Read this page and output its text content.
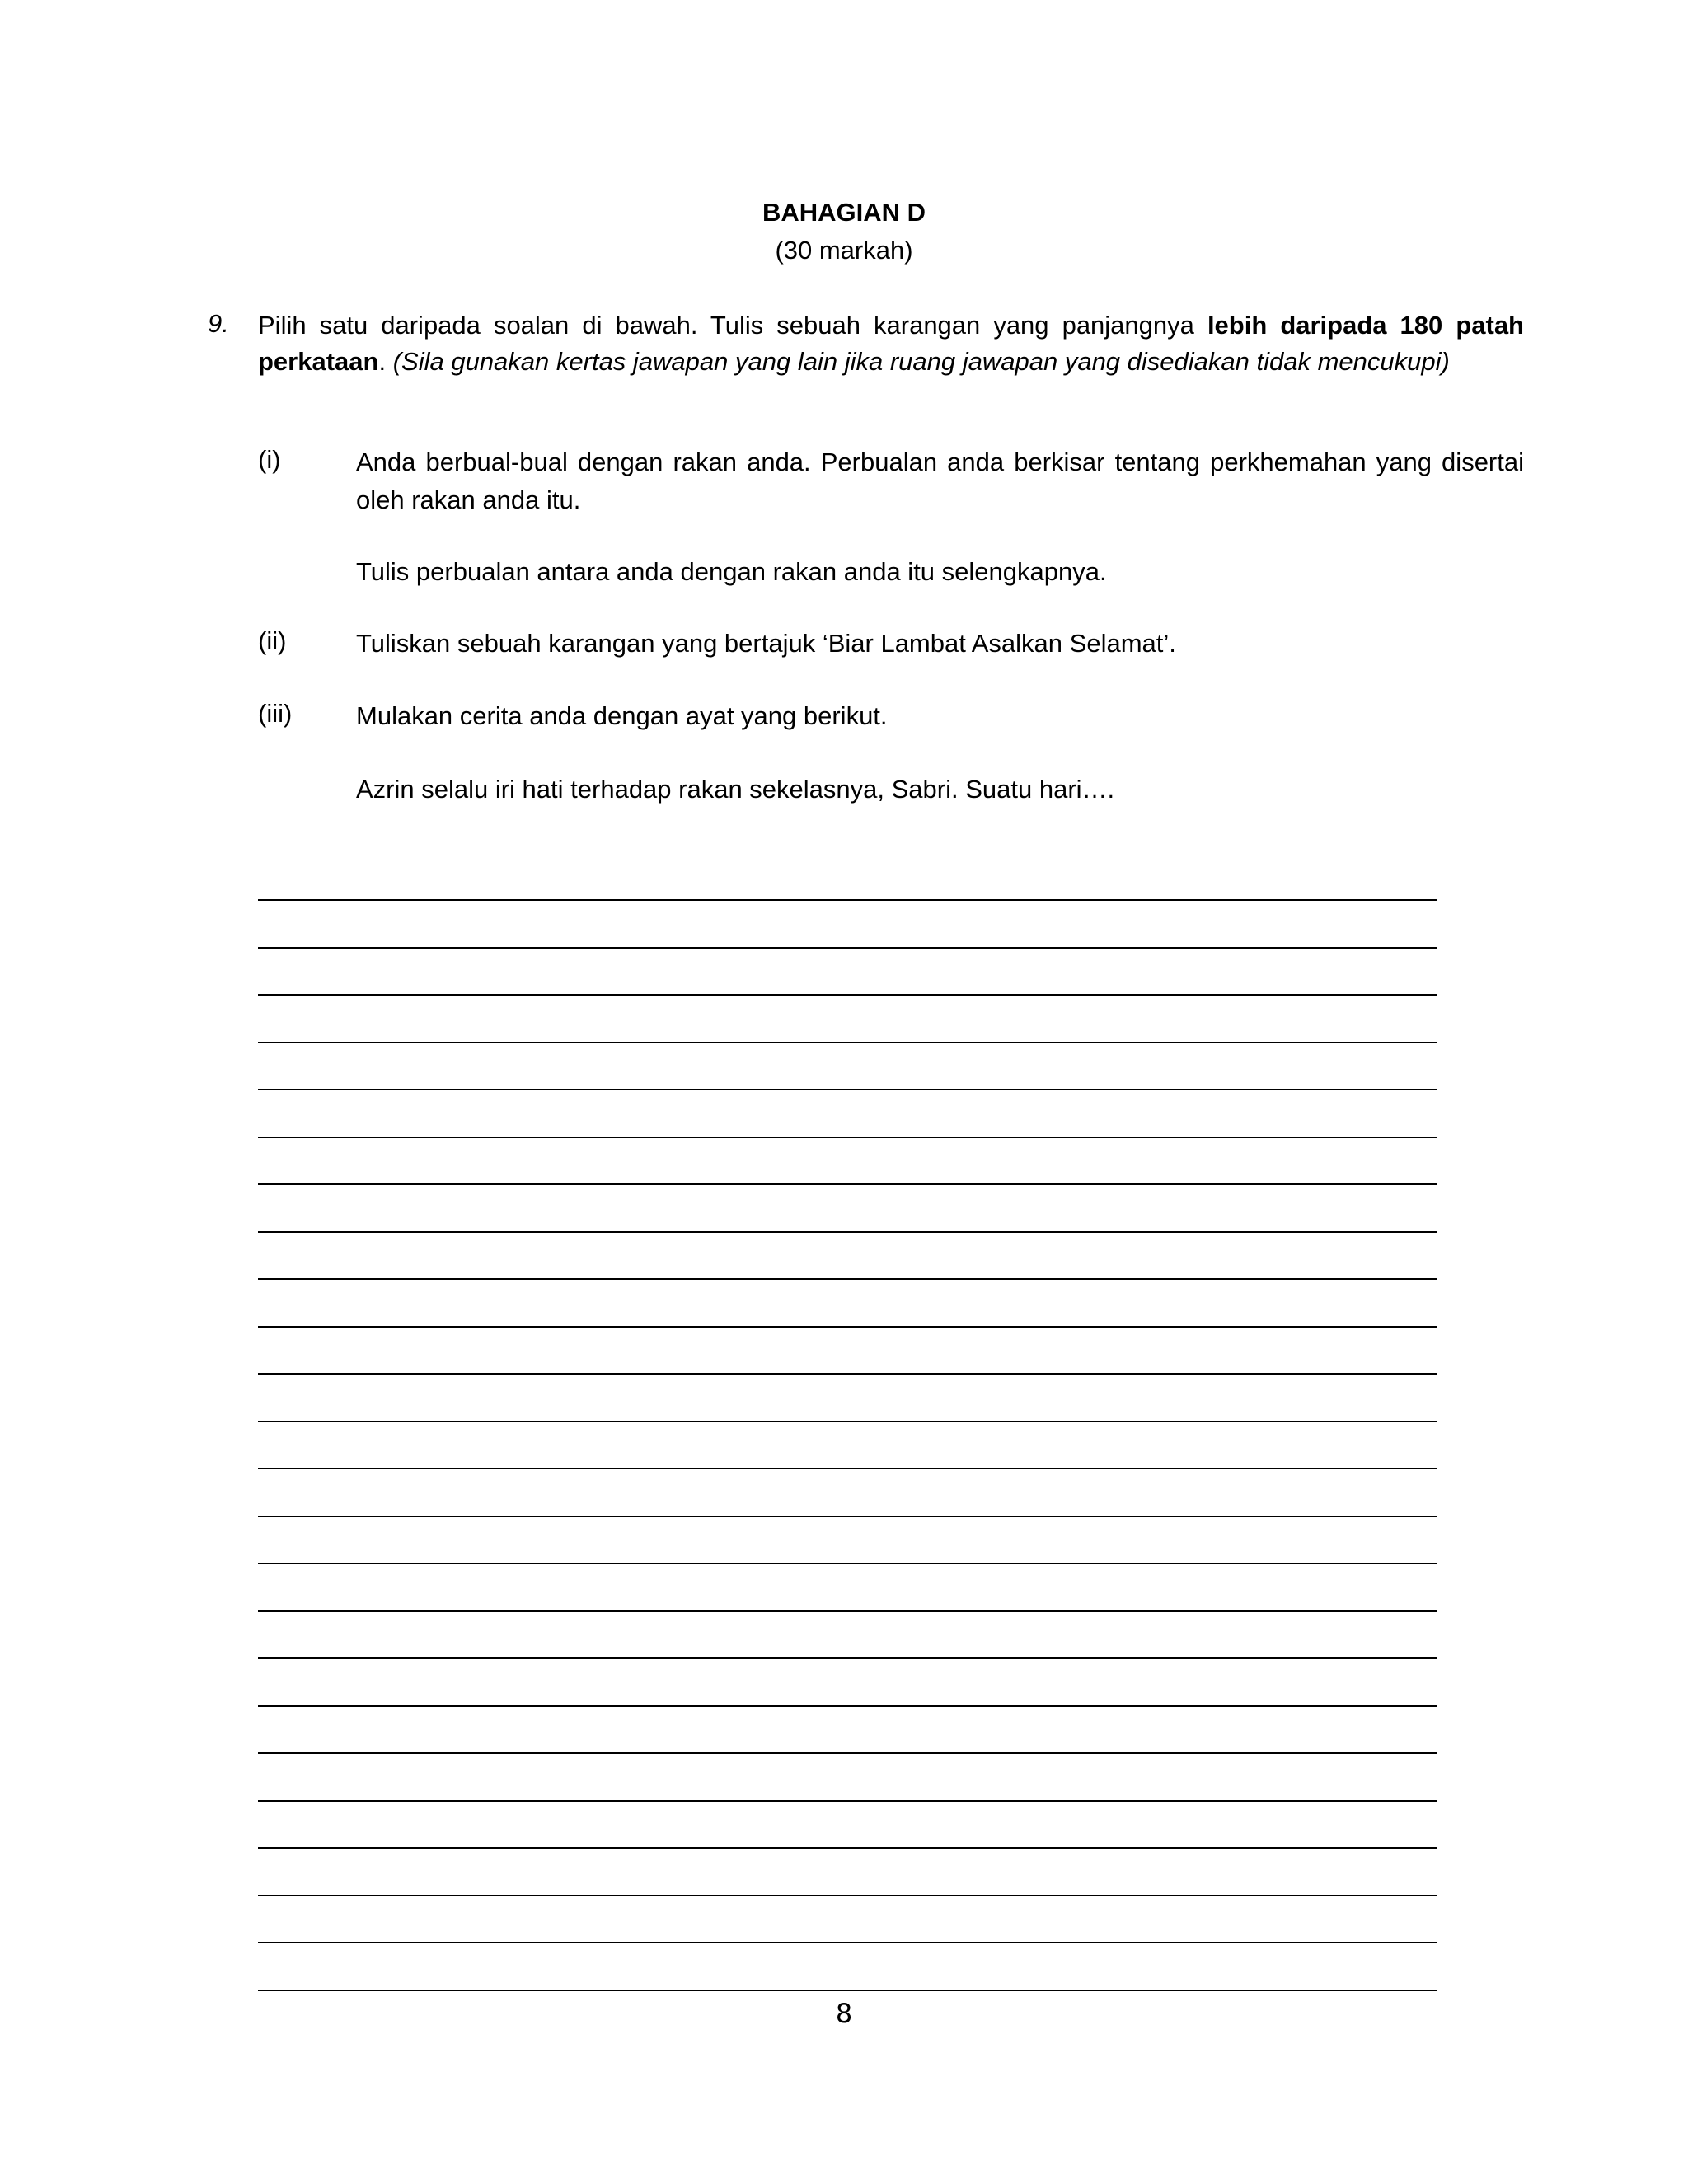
BAHAGIAN D
(30 markah)
9. Pilih satu daripada soalan di bawah. Tulis sebuah karangan yang panjangnya lebih daripada 180 patah perkataan. (Sila gunakan kertas jawapan yang lain jika ruang jawapan yang disediakan tidak mencukupi)
(i)	Anda berbual-bual dengan rakan anda. Perbualan anda berkisar tentang perkhemahan yang disertai oleh rakan anda itu.
Tulis perbualan antara anda dengan rakan anda itu selengkapnya.
(ii)	Tuliskan sebuah karangan yang bertajuk ‘Biar Lambat Asalkan Selamat’.
(iii)	Mulakan cerita anda dengan ayat yang berikut.
Azrin selalu iri hati terhadap rakan sekelasnya, Sabri. Suatu hari….
8
